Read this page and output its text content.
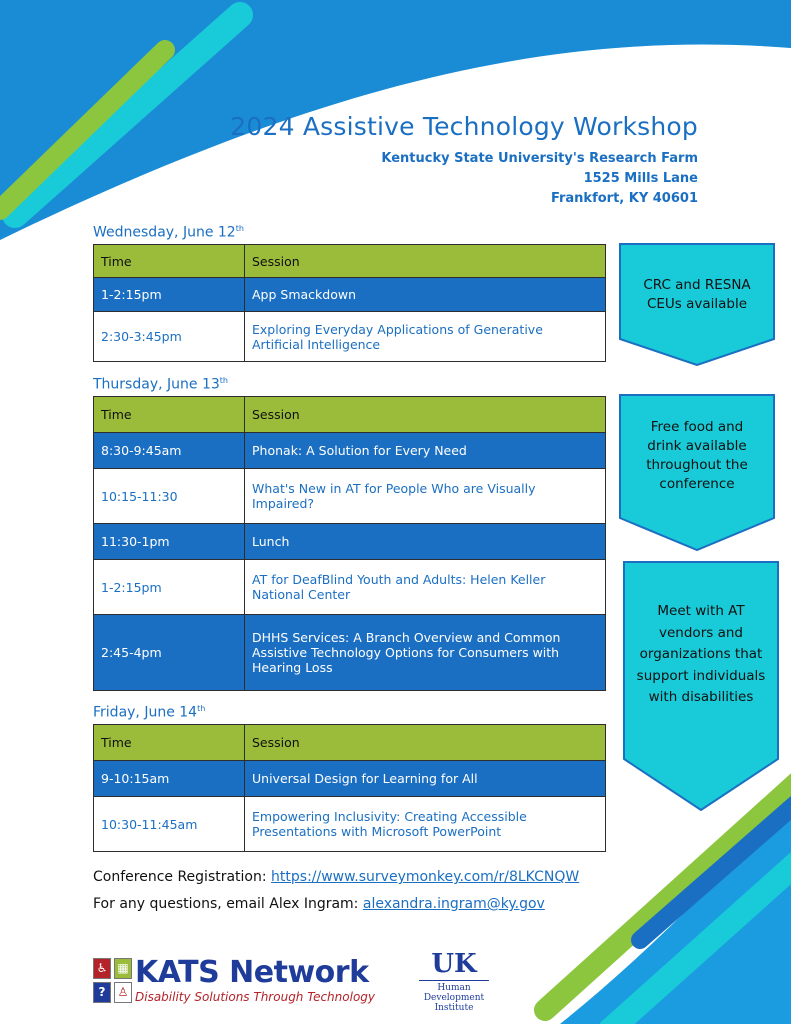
2024 Assistive Technology Workshop
Kentucky State University's Research Farm
1525 Mills Lane
Frankfort, KY 40601
Wednesday, June 12th
Time	Session
1-2:15pm	App Smackdown
2:30-3:45pm	Exploring Everyday Applications of Generative Artificial Intelligence
Thursday, June 13th
Time	Session
8:30-9:45am	Phonak: A Solution for Every Need
10:15-11:30	What's New in AT for People Who are Visually Impaired?
11:30-1pm	Lunch
1-2:15pm	AT for DeafBlind Youth and Adults: Helen Keller National Center
2:45-4pm	DHHS Services: A Branch Overview and Common Assistive Technology Options for Consumers with Hearing Loss
Friday, June 14th
Time	Session
9-10:15am	Universal Design for Learning for All
10:30-11:45am	Empowering Inclusivity: Creating Accessible Presentations with Microsoft PowerPoint
CRC and RESNA CEUs available
Free food and drink available throughout the conference
Meet with AT vendors and organizations that support individuals with disabilities
Conference Registration: https://www.surveymonkey.com/r/8LKCNQW
For any questions, email Alex Ingram: alexandra.ingram@ky.gov
♿ ▦
?	♙
KATS Network
Disability Solutions Through Technology
UK
Human
Development
Institute
